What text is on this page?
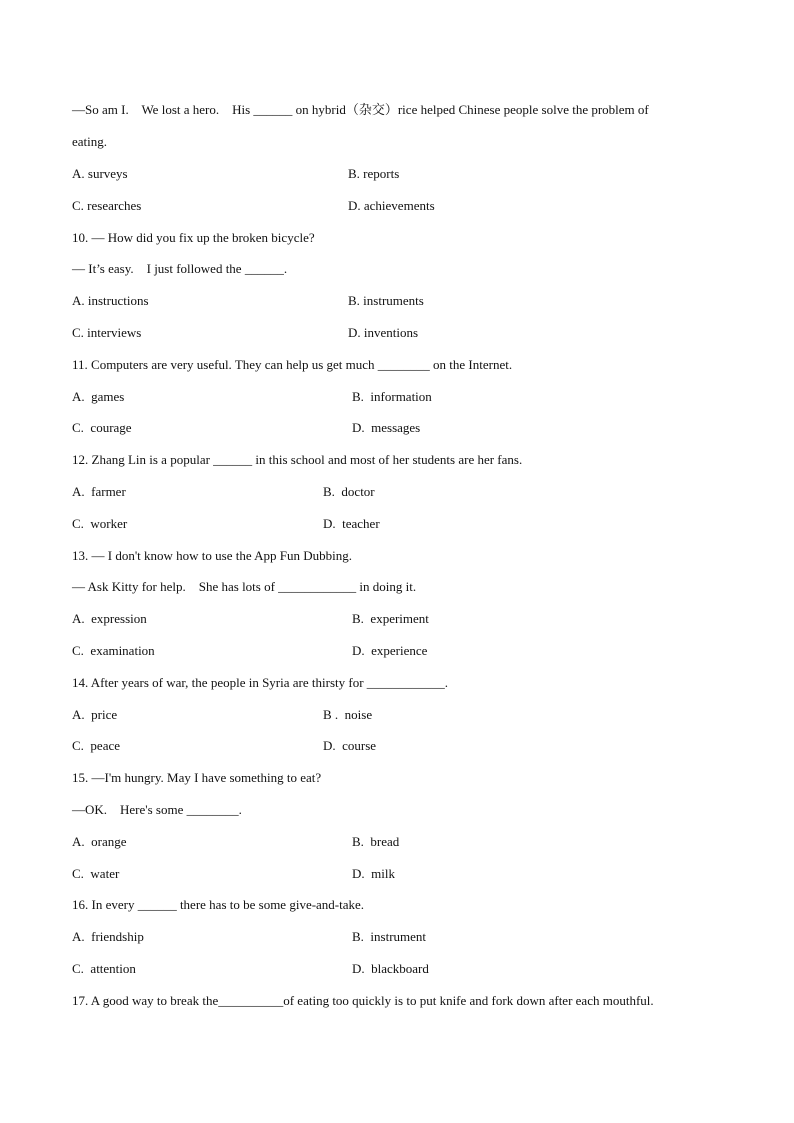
—So am I.    We lost a hero.    His ______ on hybrid（杂交）rice helped Chinese people solve the problem of
eating.
A. surveys	B. reports
C. researches	D. achievements
10. — How did you fix up the broken bicycle?
— It’s easy.    I just followed the ______.
A. instructions	B. instruments
C. interviews	D. inventions
11. Computers are very useful. They can help us get much ________ on the Internet.
A.  games	B.  information
C.  courage	D.  messages
12. Zhang Lin is a popular ______ in this school and most of her students are her fans.
A.  farmer	B.  doctor
C.  worker	D.  teacher
13. — I don't know how to use the App Fun Dubbing.
— Ask Kitty for help.    She has lots of ____________ in doing it.
A.  expression	B.  experiment
C.  examination	D.  experience
14. After years of war, the people in Syria are thirsty for ____________.
A.  price	B .  noise
C.  peace	D.  course
15. —I'm hungry. May I have something to eat?
—OK.    Here's some ________.
A.  orange	B.  bread
C.  water	D.  milk
16. In every ______ there has to be some give-and-take.
A.  friendship	B.  instrument
C.  attention	D.  blackboard
17. A good way to break the__________of eating too quickly is to put knife and fork down after each mouthful.
